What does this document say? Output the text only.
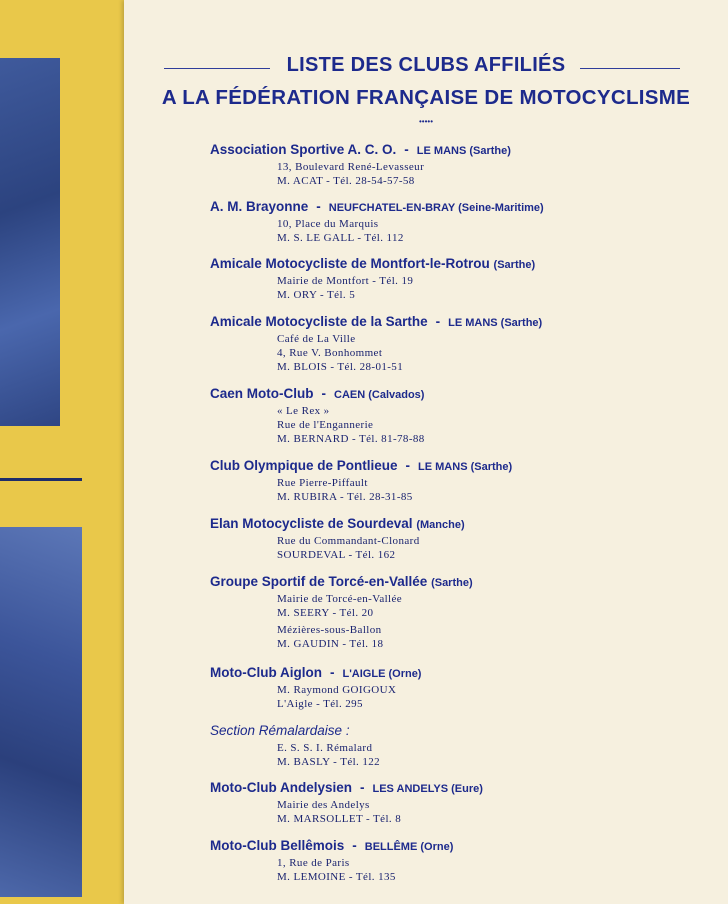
LISTE DES CLUBS AFFILIÉS
A LA FÉDÉRATION FRANÇAISE DE MOTOCYCLISME
•••••
Association Sportive A. C. O. - LE MANS (Sarthe)
13, Boulevard René-Levasseur
M. ACAT - Tél. 28-54-57-58
A. M. Brayonne - NEUFCHATEL-EN-BRAY (Seine-Maritime)
10, Place du Marquis
M. S. LE GALL - Tél. 112
Amicale Motocycliste de Montfort-le-Rotrou (Sarthe)
Mairie de Montfort - Tél. 19
M. ORY - Tél. 5
Amicale Motocycliste de la Sarthe - LE MANS (Sarthe)
Café de La Ville
4, Rue V. Bonhommet
M. BLOIS - Tél. 28-01-51
Caen Moto-Club - CAEN (Calvados)
« Le Rex »
Rue de l'Engannerie
M. BERNARD - Tél. 81-78-88
Club Olympique de Pontlieue - LE MANS (Sarthe)
Rue Pierre-Piffault
M. RUBIRA - Tél. 28-31-85
Elan Motocycliste de Sourdeval (Manche)
Rue du Commandant-Clonard
SOURDEVAL - Tél. 162
Groupe Sportif de Torcé-en-Vallée (Sarthe)
Mairie de Torcé-en-Vallée
M. SEERY - Tél. 20
Mézières-sous-Ballon
M. GAUDIN - Tél. 18
Moto-Club Aiglon - L'AIGLE (Orne)
M. Raymond GOIGOUX
L'Aigle - Tél. 295
Section Rémalardaise :
E. S. S. I. Rémalard
M. BASLY - Tél. 122
Moto-Club Andelysien - LES ANDELYS (Eure)
Mairie des Andelys
M. MARSOLLET - Tél. 8
Moto-Club Bellêmois - BELLÊME (Orne)
1, Rue de Paris
M. LEMOINE - Tél. 135
